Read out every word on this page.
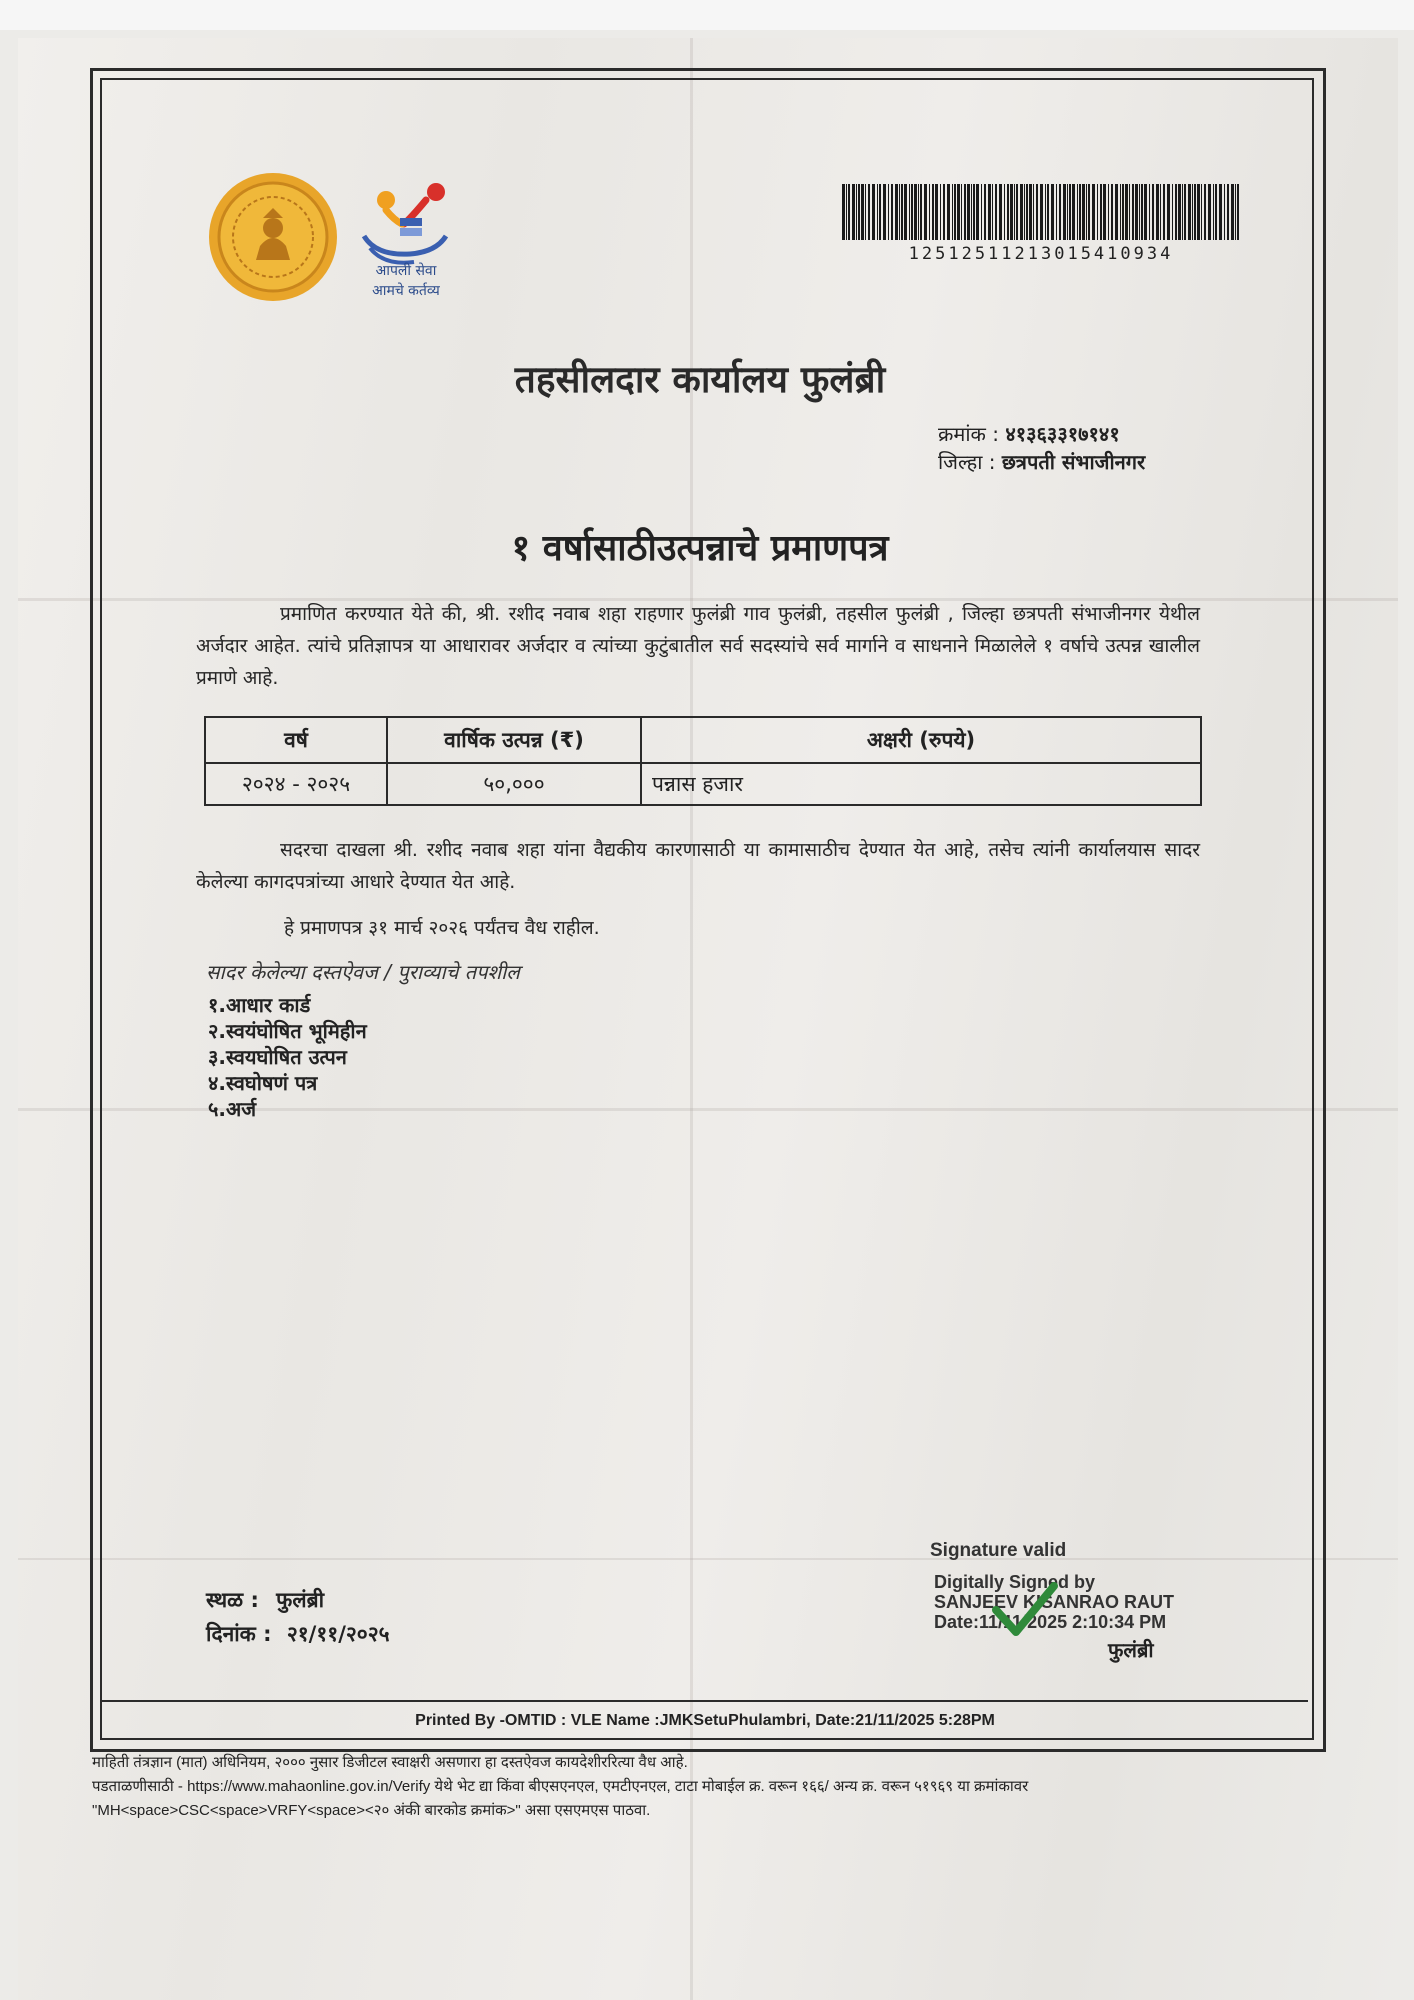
आपली सेवा
आमचे कर्तव्य
12512511213015410934
तहसीलदार कार्यालय फुलंब्री
क्रमांक : ४१३६३३१७१४१
जिल्हा : छत्रपती संभाजीनगर
१ वर्षासाठीउत्पन्नाचे प्रमाणपत्र
प्रमाणित करण्यात येते की, श्री. रशीद नवाब शहा राहणार फुलंब्री गाव फुलंब्री, तहसील फुलंब्री , जिल्हा छत्रपती संभाजीनगर येथील अर्जदार आहेत. त्यांचे प्रतिज्ञापत्र या आधारावर अर्जदार व त्यांच्या कुटुंबातील सर्व सदस्यांचे सर्व मार्गाने व साधनाने मिळालेले १ वर्षाचे उत्पन्न खालील प्रमाणे आहे.
वर्ष	वार्षिक उत्पन्न (₹)	अक्षरी (रुपये)
२०२४ - २०२५	५०,०००	पन्नास हजार
सदरचा दाखला श्री. रशीद नवाब शहा यांना वैद्यकीय कारणासाठी या कामासाठीच देण्यात येत आहे, तसेच त्यांनी कार्यालयास सादर केलेल्या कागदपत्रांच्या आधारे देण्यात येत आहे.
हे प्रमाणपत्र ३१ मार्च २०२६ पर्यंतच वैध राहील.
सादर केलेल्या दस्तऐवज / पुराव्याचे तपशील
१.आधार कार्ड
२.स्वयंघोषित भूमिहीन
३.स्वयघोषित उत्पन
४.स्वघोषणं पत्र
५.अर्ज
स्थळ : फुलंब्री
दिनांक : २१/११/२०२५
Signature valid
Digitally Signed by
SANJEEV KISANRAO RAUT
Date:11/11/2025 2:10:34 PM
फुलंब्री
Printed By -OMTID : VLE Name :JMKSetuPhulambri, Date:21/11/2025 5:28PM
माहिती तंत्रज्ञान (मात) अधिनियम, २००० नुसार डिजीटल स्वाक्षरी असणारा हा दस्तऐवज कायदेशीररित्या वैध आहे.
पडताळणीसाठी - https://www.mahaonline.gov.in/Verify येथे भेट द्या किंवा बीएसएनएल, एमटीएनएल, टाटा मोबाईल क्र. वरून १६६/ अन्य क्र. वरून ५१९६९ या क्रमांकावर
"MH<space>CSC<space>VRFY<space><२० अंकी बारकोड क्रमांक>" असा एसएमएस पाठवा.
